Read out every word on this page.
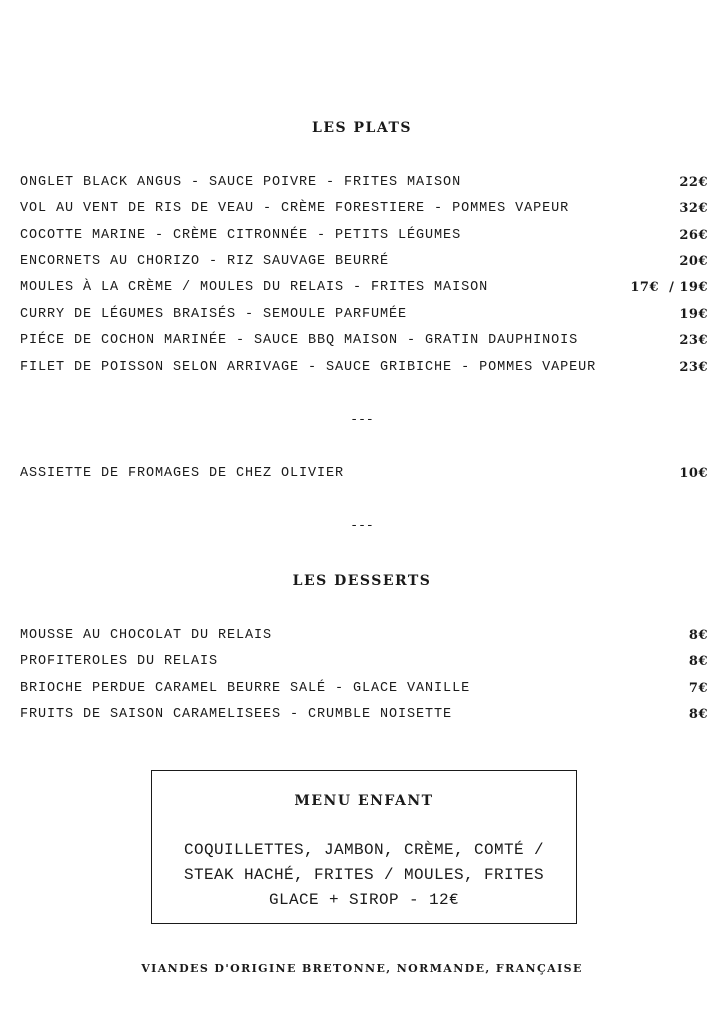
LES PLATS
ONGLET BLACK ANGUS - SAUCE POIVRE - FRITES MAISON	22€
VOL AU VENT DE RIS DE VEAU - CRÈME FORESTIERE - POMMES VAPEUR	32€
COCOTTE MARINE - CRÈME CITRONNÉE - PETITS LÉGUMES	26€
ENCORNETS AU CHORIZO - RIZ SAUVAGE BEURRÉ	20€
MOULES À LA CRÈME / MOULES DU RELAIS - FRITES MAISON	17€  / 19€
CURRY DE LÉGUMES BRAISÉS - SEMOULE PARFUMÉE	19€
PIÉCE DE COCHON MARINÉE - SAUCE BBQ MAISON - GRATIN DAUPHINOIS	23€
FILET DE POISSON SELON ARRIVAGE - SAUCE GRIBICHE - POMMES VAPEUR	23€
---
ASSIETTE DE FROMAGES DE CHEZ OLIVIER	10€
---
LES DESSERTS
MOUSSE AU CHOCOLAT DU RELAIS	8€
PROFITEROLES DU RELAIS	8€
BRIOCHE PERDUE CARAMEL BEURRE SALÉ - GLACE VANILLE	7€
FRUITS DE SAISON CARAMELISEES - CRUMBLE NOISETTE	8€
MENU ENFANT
COQUILLETTES, JAMBON, CRÈME, COMTÉ /
STEAK HACHÉ, FRITES / MOULES, FRITES
GLACE + SIROP - 12€
VIANDES D'ORIGINE BRETONNE, NORMANDE, FRANÇAISE
